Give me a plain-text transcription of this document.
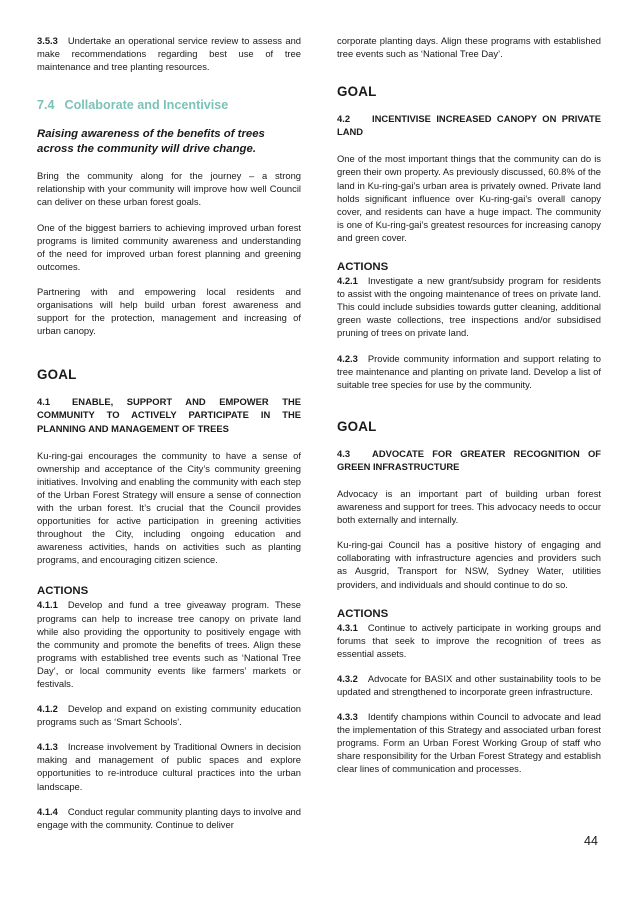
3.5.3 Undertake an operational service review to assess and make recommendations regarding best use of tree maintenance and tree planting resources.

7.4 Collaborate and Incentivise

Raising awareness of the benefits of trees across the community will drive change.

Bring the community along for the journey – a strong relationship with your community will improve how well Council can deliver on these urban forest goals.

One of the biggest barriers to achieving improved urban forest programs is limited community awareness and understanding of the need for improved urban forest planning and greening outcomes.

Partnering with and empowering local residents and organisations will help build urban forest awareness and support for the protection, management and increasing of urban canopy.

GOAL

4.1 ENABLE, SUPPORT AND EMPOWER THE COMMUNITY TO ACTIVELY PARTICIPATE IN THE PLANNING AND MANAGEMENT OF TREES

Ku-ring-gai encourages the community to have a sense of ownership and acceptance of the City’s community greening initiatives. Involving and enabling the community with each step of the Urban Forest Strategy will ensure a sense of connection with the urban forest. It’s crucial that the Council provides opportunities for active participation in greening activities throughout the City, including ongoing education and awareness activities, hands on activities such as planting programs, and encouraging citizen science.

ACTIONS

4.1.1 Develop and fund a tree giveaway program. These programs can help to increase tree canopy on private land while also providing the opportunity to positively engage with the community and promote the benefits of trees. Align these programs with established tree events such as ‘National Tree Day’, or local community events like farmers’ markets or festivals.

4.1.2 Develop and expand on existing community education programs such as ‘Smart Schools’.

4.1.3 Increase involvement by Traditional Owners in decision making and management of public spaces and explore opportunities to re-introduce cultural practices into the urban landscape.

4.1.4 Conduct regular community planting days to involve and engage with the community. Continue to deliver

corporate planting days. Align these programs with established tree events such as ‘National Tree Day’.

GOAL

4.2 INCENTIVISE INCREASED CANOPY ON PRIVATE LAND

One of the most important things that the community can do is green their own property. As previously discussed, 60.8% of the land in Ku-ring-gai’s urban area is privately owned. Private land holds significant influence over Ku-ring-gai’s overall canopy cover, and residents can have a huge impact. The community is one of Ku-ring-gai’s greatest resources for increasing canopy and green cover.

ACTIONS

4.2.1 Investigate a new grant/subsidy program for residents to assist with the ongoing maintenance of trees on private land. This could include subsidies towards gutter cleaning, additional green waste collections, tree inspections and/or subsidised pruning of trees on private land.

4.2.3 Provide community information and support relating to tree maintenance and planting on private land. Develop a list of suitable tree species for use by the community.

GOAL

4.3 ADVOCATE FOR GREATER RECOGNITION OF GREEN INFRASTRUCTURE

Advocacy is an important part of building urban forest awareness and support for trees. This advocacy needs to occur both externally and internally.

Ku-ring-gai Council has a positive history of engaging and collaborating with infrastructure agencies and providers such as Ausgrid, Transport for NSW, Sydney Water, utilities providers, and individuals and should continue to do so.

ACTIONS

4.3.1 Continue to actively participate in working groups and forums that seek to improve the recognition of trees as essential assets.

4.3.2 Advocate for BASIX and other sustainability tools to be updated and strengthened to incorporate green infrastructure.

4.3.3 Identify champions within Council to advocate and lead the implementation of this Strategy and associated urban forest programs. Form an Urban Forest Working Group of staff who share responsibility for the Urban Forest Strategy and establish clear lines of communication and processes.

44
